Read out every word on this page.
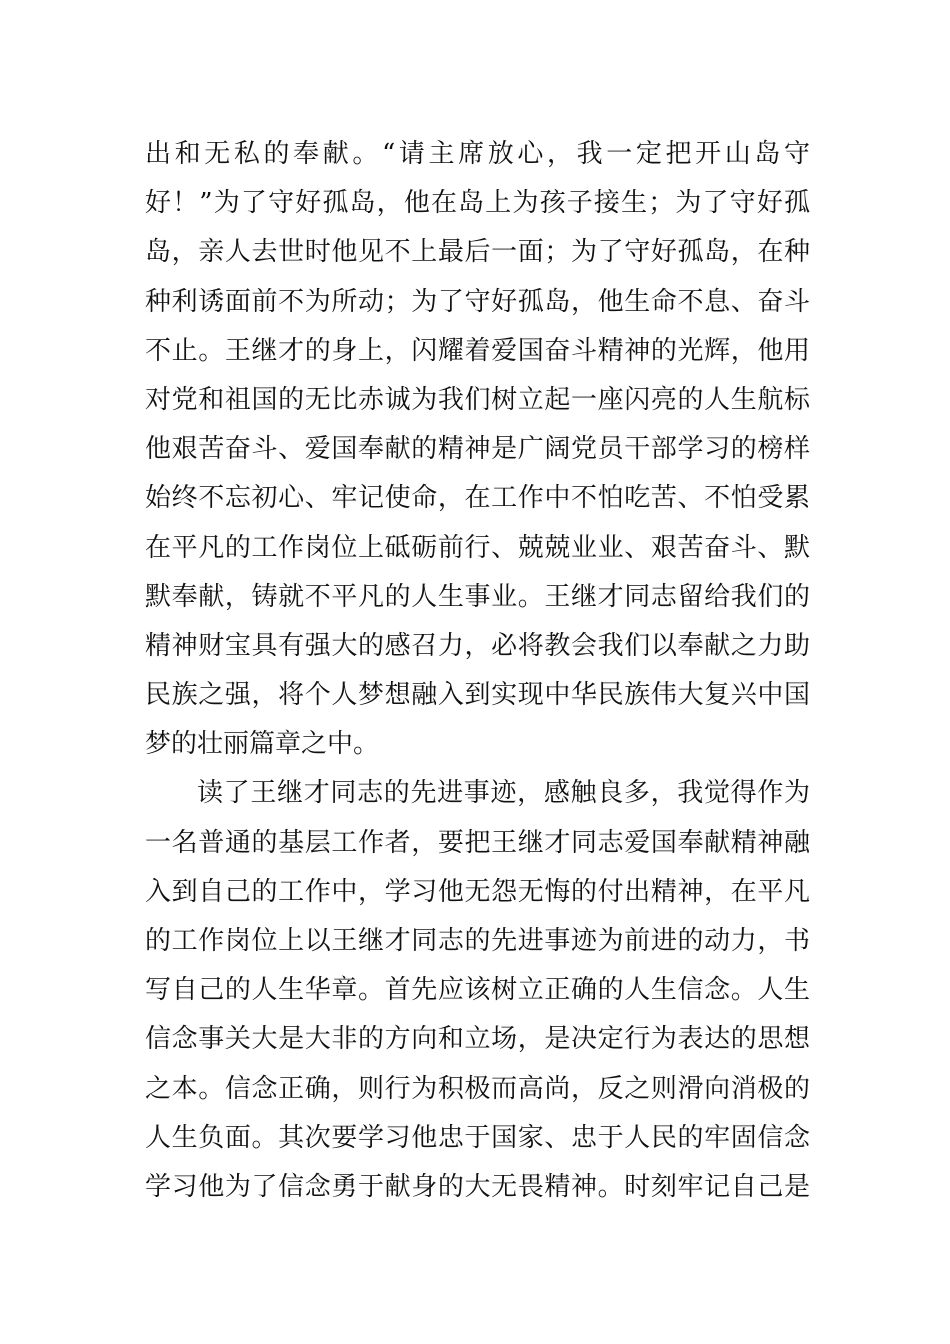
出和无私的奉献。“请主席放心，我一定把开山岛守
好！”为了守好孤岛，他在岛上为孩子接生；为了守好孤
岛，亲人去世时他见不上最后一面；为了守好孤岛，在种
种利诱面前不为所动；为了守好孤岛，他生命不息、奋斗
不止。王继才的身上，闪耀着爱国奋斗精神的光辉，他用
对党和祖国的无比赤诚为我们树立起一座闪亮的人生航标
他艰苦奋斗、爱国奉献的精神是广阔党员干部学习的榜样
始终不忘初心、牢记使命，在工作中不怕吃苦、不怕受累
在平凡的工作岗位上砥砺前行、兢兢业业、艰苦奋斗、默
默奉献，铸就不平凡的人生事业。王继才同志留给我们的
精神财宝具有强大的感召力，必将教会我们以奉献之力助
民族之强，将个人梦想融入到实现中华民族伟大复兴中国
梦的壮丽篇章之中。
读了王继才同志的先进事迹，感触良多，我觉得作为
一名普通的基层工作者，要把王继才同志爱国奉献精神融
入到自己的工作中，学习他无怨无悔的付出精神，在平凡
的工作岗位上以王继才同志的先进事迹为前进的动力，书
写自己的人生华章。首先应该树立正确的人生信念。人生
信念事关大是大非的方向和立场，是决定行为表达的思想
之本。信念正确，则行为积极而高尚，反之则滑向消极的
人生负面。其次要学习他忠于国家、忠于人民的牢固信念
学习他为了信念勇于献身的大无畏精神。时刻牢记自己是
